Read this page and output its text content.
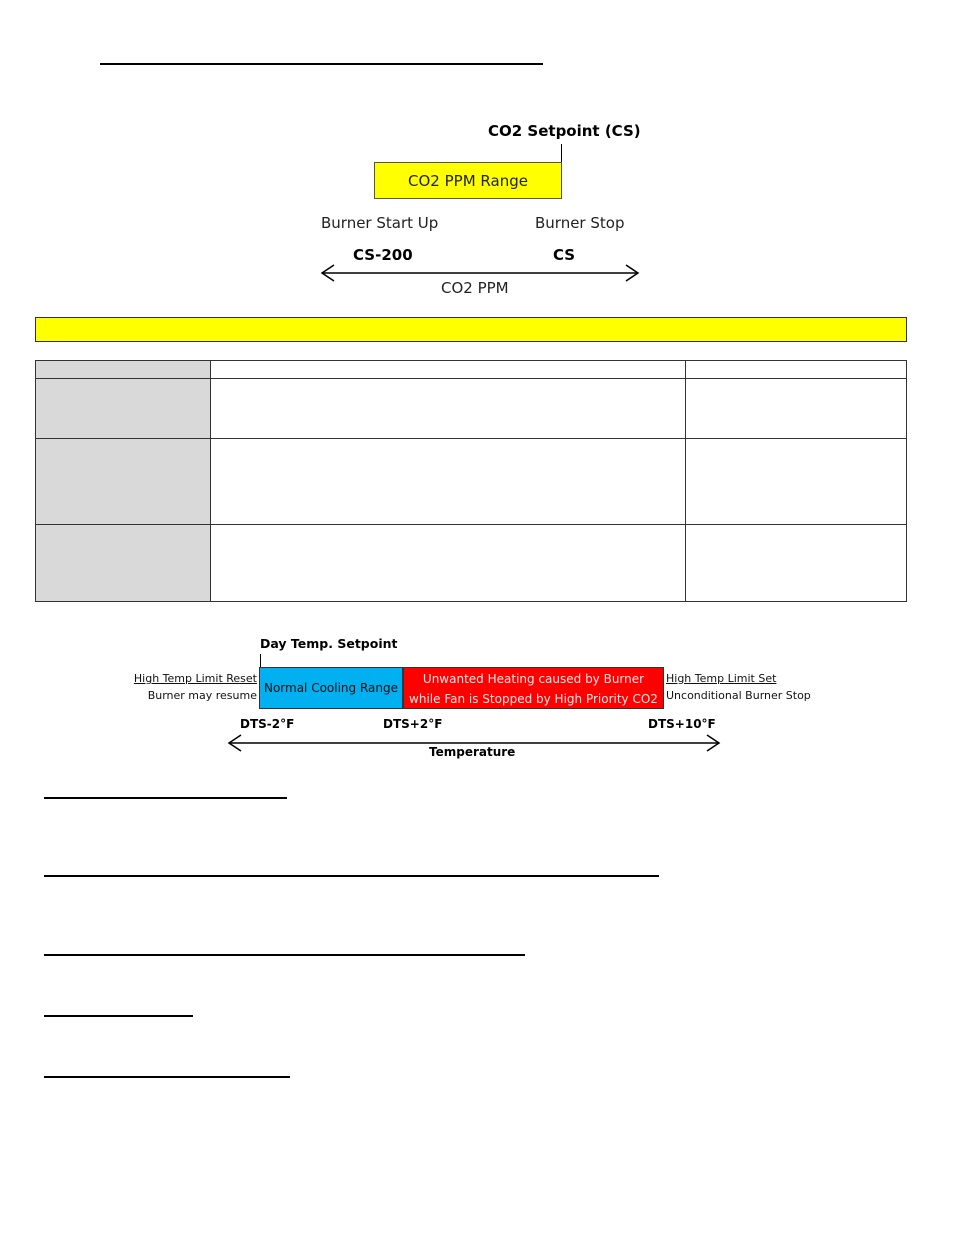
CO2 Setpoint (CS)
CO2 PPM Range
Burner Start Up	Burner Stop
CS-200	CS
CO2 PPM

Day Temp. Setpoint
High Temp Limit Reset
Burner may resume
Normal Cooling Range
Unwanted Heating caused by Burner
while Fan is Stopped by High Priority CO2
High Temp Limit Set
Unconditional Burner Stop
DTS-2°F	DTS+2°F	DTS+10°F
Temperature
